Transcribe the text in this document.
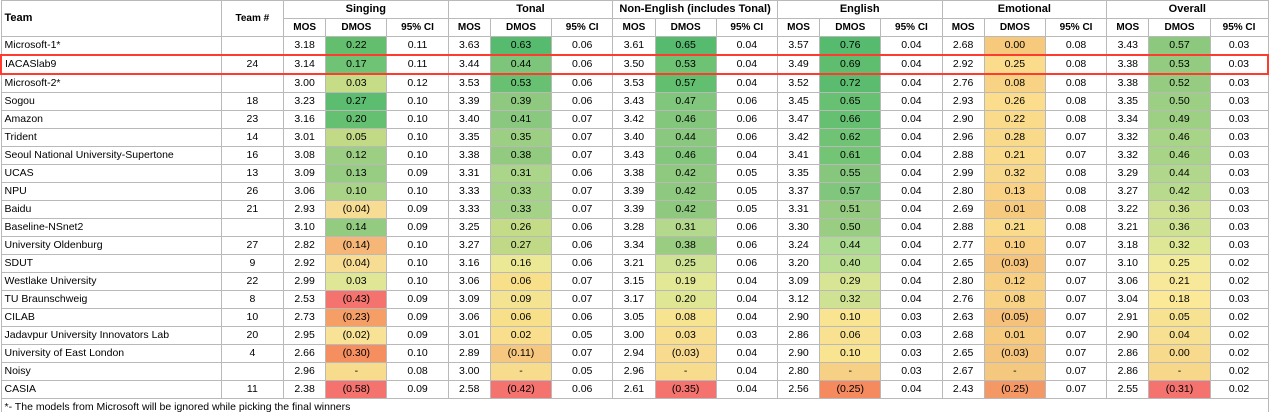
Team	Team #	Singing			Tonal			Non-English (includes Tonal)			English			Emotional			Overall		
		MOS	DMOS	95% CI	MOS	DMOS	95% CI	MOS	DMOS	95% CI	MOS	DMOS	95% CI	MOS	DMOS	95% CI	MOS	DMOS	95% CI
Microsoft-1*		3.18	0.22	0.11	3.63	0.63	0.06	3.61	0.65	0.04	3.57	0.76	0.04	2.68	0.00	0.08	3.43	0.57	0.03
IACASlab9	24	3.14	0.17	0.11	3.44	0.44	0.06	3.50	0.53	0.04	3.49	0.69	0.04	2.92	0.25	0.08	3.38	0.53	0.03
Microsoft-2*		3.00	0.03	0.12	3.53	0.53	0.06	3.53	0.57	0.04	3.52	0.72	0.04	2.76	0.08	0.08	3.38	0.52	0.03
Sogou	18	3.23	0.27	0.10	3.39	0.39	0.06	3.43	0.47	0.06	3.45	0.65	0.04	2.93	0.26	0.08	3.35	0.50	0.03
Amazon	23	3.16	0.20	0.10	3.40	0.41	0.07	3.42	0.46	0.06	3.47	0.66	0.04	2.90	0.22	0.08	3.34	0.49	0.03
Trident	14	3.01	0.05	0.10	3.35	0.35	0.07	3.40	0.44	0.06	3.42	0.62	0.04	2.96	0.28	0.07	3.32	0.46	0.03
Seoul National University-Supertone	16	3.08	0.12	0.10	3.38	0.38	0.07	3.43	0.46	0.04	3.41	0.61	0.04	2.88	0.21	0.07	3.32	0.46	0.03
UCAS	13	3.09	0.13	0.09	3.31	0.31	0.06	3.38	0.42	0.05	3.35	0.55	0.04	2.99	0.32	0.08	3.29	0.44	0.03
NPU	26	3.06	0.10	0.10	3.33	0.33	0.07	3.39	0.42	0.05	3.37	0.57	0.04	2.80	0.13	0.08	3.27	0.42	0.03
Baidu	21	2.93	(0.04)	0.09	3.33	0.33	0.07	3.39	0.42	0.05	3.31	0.51	0.04	2.69	0.01	0.08	3.22	0.36	0.03
Baseline-NSnet2		3.10	0.14	0.09	3.25	0.26	0.06	3.28	0.31	0.06	3.30	0.50	0.04	2.88	0.21	0.08	3.21	0.36	0.03
University Oldenburg	27	2.82	(0.14)	0.10	3.27	0.27	0.06	3.34	0.38	0.06	3.24	0.44	0.04	2.77	0.10	0.07	3.18	0.32	0.03
SDUT	9	2.92	(0.04)	0.10	3.16	0.16	0.06	3.21	0.25	0.06	3.20	0.40	0.04	2.65	(0.03)	0.07	3.10	0.25	0.02
Westlake University	22	2.99	0.03	0.10	3.06	0.06	0.07	3.15	0.19	0.04	3.09	0.29	0.04	2.80	0.12	0.07	3.06	0.21	0.02
TU Braunschweig	8	2.53	(0.43)	0.09	3.09	0.09	0.07	3.17	0.20	0.04	3.12	0.32	0.04	2.76	0.08	0.07	3.04	0.18	0.03
CILAB	10	2.73	(0.23)	0.09	3.06	0.06	0.06	3.05	0.08	0.04	2.90	0.10	0.03	2.63	(0.05)	0.07	2.91	0.05	0.02
Jadavpur University Innovators Lab	20	2.95	(0.02)	0.09	3.01	0.02	0.05	3.00	0.03	0.03	2.86	0.06	0.03	2.68	0.01	0.07	2.90	0.04	0.02
University of East London	4	2.66	(0.30)	0.10	2.89	(0.11)	0.07	2.94	(0.03)	0.04	2.90	0.10	0.03	2.65	(0.03)	0.07	2.86	0.00	0.02
Noisy		2.96	-	0.08	3.00	-	0.05	2.96	-	0.04	2.80	-	0.03	2.67	-	0.07	2.86	-	0.02
CASIA	11	2.38	(0.58)	0.09	2.58	(0.42)	0.06	2.61	(0.35)	0.04	2.56	(0.25)	0.04	2.43	(0.25)	0.07	2.55	(0.31)	0.02
*- The models from Microsoft will be ignored while picking the final winners																			
